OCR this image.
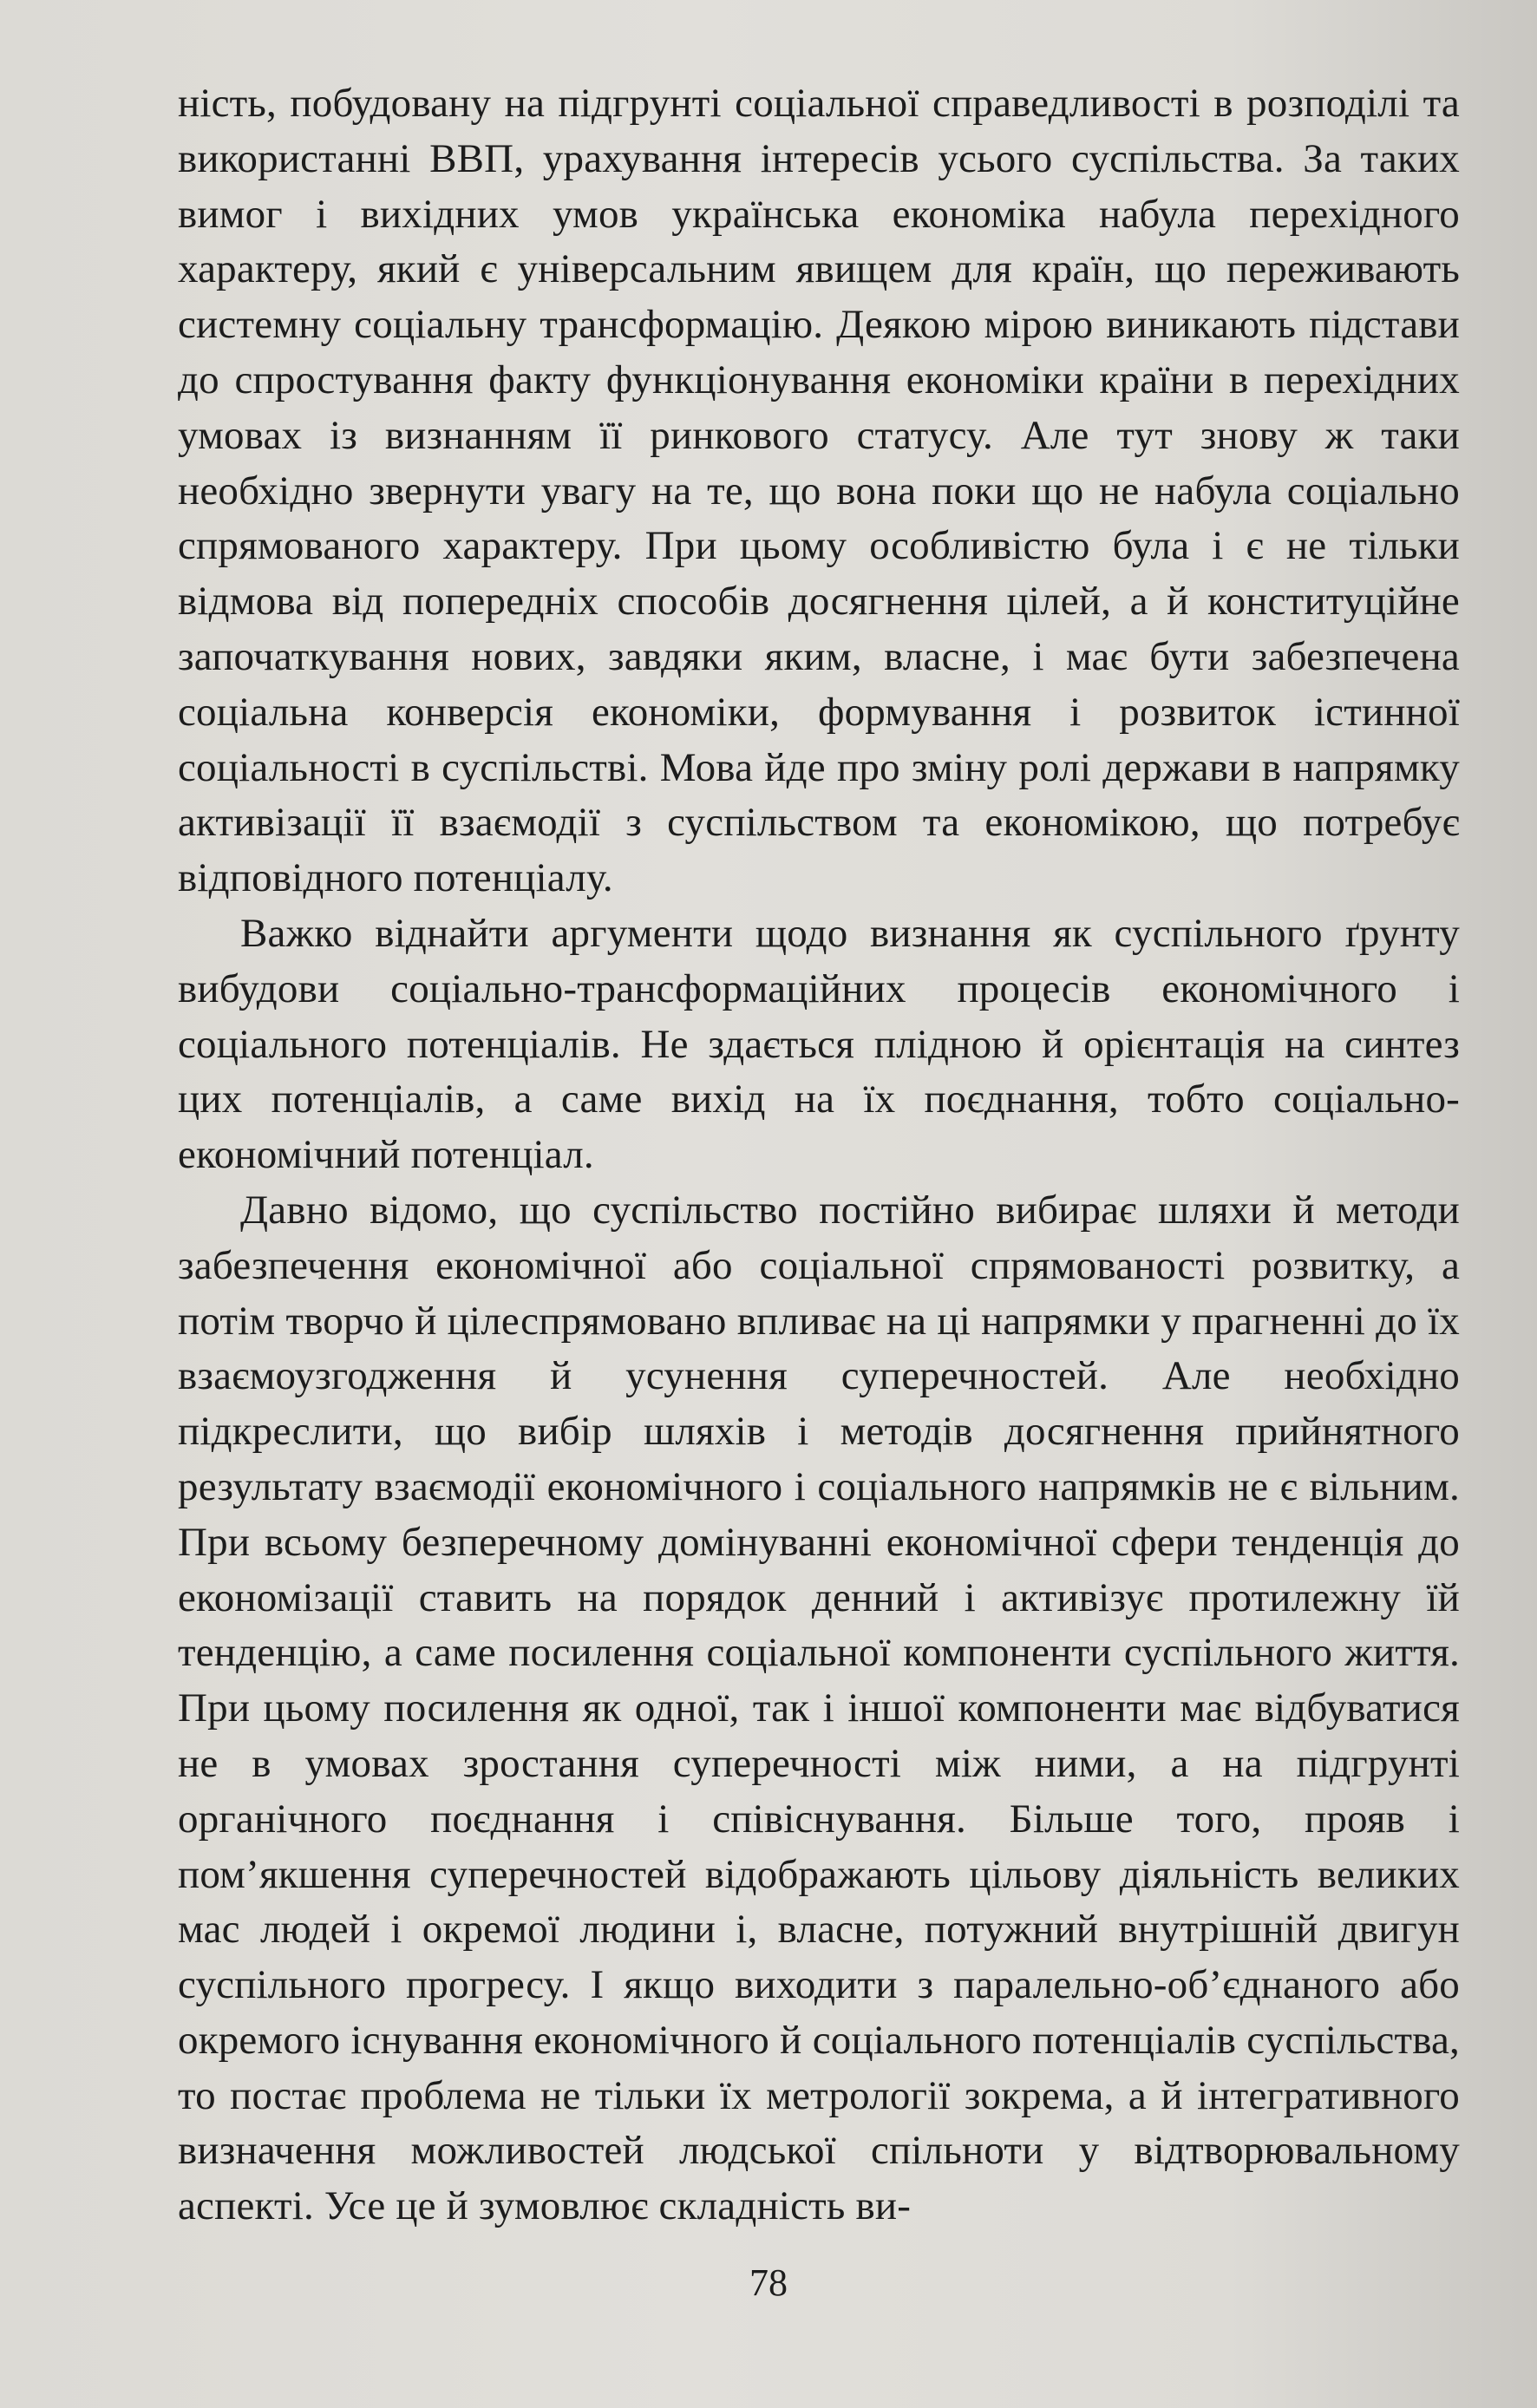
ність, побудовану на підгрунті соціальної справедливості в розподілі та використанні ВВП, урахування інтересів усього суспільства. За таких вимог і вихідних умов українська економіка набула перехідного характеру, який є універсальним явищем для країн, що переживають системну соціальну трансформацію. Деякою мірою виникають підстави до спростування факту функціонування економіки країни в перехідних умовах із визнанням її ринкового статусу. Але тут знову ж таки необхідно звернути увагу на те, що вона поки що не набула соціально спрямованого характеру. При цьому особливістю була і є не тільки відмова від попередніх способів досягнення цілей, а й конституційне започаткування нових, завдяки яким, власне, і має бути забезпечена соціальна конверсія економіки, формування і розвиток істинної соціальності в суспільстві. Мова йде про зміну ролі держави в напрямку активізації її взаємодії з суспільством та економікою, що потребує відповідного потенціалу.

Важко віднайти аргументи щодо визнання як суспільного ґрунту вибудови соціально-трансформаційних процесів економічного і соціального потенціалів. Не здається плідною й орієнтація на синтез цих потенціалів, а саме вихід на їх поєднання, тобто соціально-економічний потенціал.

Давно відомо, що суспільство постійно вибирає шляхи й методи забезпечення економічної або соціальної спрямованості розвитку, а потім творчо й цілеспрямовано впливає на ці напрямки у прагненні до їх взаємоузгодження й усунення суперечностей. Але необхідно підкреслити, що вибір шляхів і методів досягнення прийнятного результату взаємодії економічного і соціального напрямків не є вільним. При всьому безперечному домінуванні економічної сфери тенденція до економізації ставить на порядок денний і активізує протилежну їй тенденцію, а саме посилення соціальної компоненти суспільного життя. При цьому посилення як одної, так і іншої компоненти має відбуватися не в умовах зростання суперечності між ними, а на підгрунті органічного поєднання і співіснування. Більше того, прояв і пом’якшення суперечностей відображають цільову діяльність великих мас людей і окремої людини і, власне, потужний внутрішній двигун суспільного прогресу. І якщо виходити з паралельно-об’єднаного або окремого існування економічного й соціального потенціалів суспільства, то постає проблема не тільки їх метрології зокрема, а й інтегративного визначення можливостей людської спільноти у відтворювальному аспекті. Усе це й зумовлює складність ви-

78
